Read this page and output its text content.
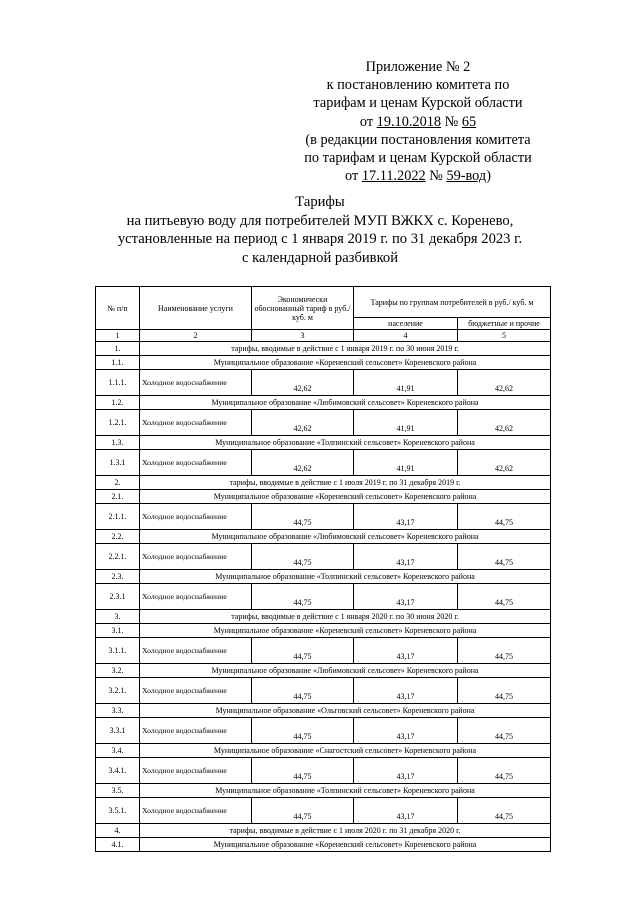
Приложение № 2
к постановлению комитета по
тарифам и ценам Курской области
от 19.10.2018 № 65
(в редакции постановления комитета
по тарифам и ценам Курской области
от 17.11.2022 № 59-вод)
Тарифы
на питьевую воду для потребителей МУП ВЖКХ с. Коренево,
установленные на период с 1 января 2019 г. по 31 декабря 2023 г.
с календарной разбивкой
№ п/п	Наименование услуги	Экономически обоснованный тариф в руб./ куб. м	Тарифы по группам потребителей в руб./ куб. м	
			население	бюджетные и прочие
1	2	3	4	5
1.	тарифы, вводимые в действие с 1 января 2019 г. по 30 июня 2019 г.			
1.1.	Муниципальное образование «Кореневский сельсовет» Кореневского района			
1.1.1.	Холодное водоснабжение	42,62	41,91	42,62
1.2.	Муниципальное образование «Любимовский сельсовет» Кореневского района			
1.2.1.	Холодное водоснабжение	42,62	41,91	42,62
1.3.	Муниципальное образование «Толпинский сельсовет» Кореневского района			
1.3.1	Холодное водоснабжение	42,62	41,91	42,62
2.	тарифы, вводимые в действие с 1 июля 2019 г. по 31 декабря 2019 г.			
2.1.	Муниципальное образование «Кореневский сельсовет» Кореневского района			
2.1.1.	Холодное водоснабжение	44,75	43,17	44,75
2.2.	Муниципальное образование «Любимовский сельсовет» Кореневского района			
2.2.1.	Холодное водоснабжение	44,75	43,17	44,75
2.3.	Муниципальное образование «Толпинский сельсовет» Кореневского района			
2.3.1	Холодное водоснабжение	44,75	43,17	44,75
3.	тарифы, вводимые в действие с 1 января 2020 г. по 30 июня 2020 г.			
3.1.	Муниципальное образование «Кореневский сельсовет» Кореневского района			
3.1.1.	Холодное водоснабжение	44,75	43,17	44,75
3.2.	Муниципальное образование «Любимовский сельсовет» Кореневского района			
3.2.1.	Холодное водоснабжение	44,75	43,17	44,75
3.3.	Муниципальное образование «Ольговский сельсовет» Кореневского района			
3.3.1	Холодное водоснабжение	44,75	43,17	44,75
3.4.	Муниципальное образование «Снагостский сельсовет» Кореневского района			
3.4.1.	Холодное водоснабжение	44,75	43,17	44,75
3.5.	Муниципальное образование «Толпинский сельсовет» Кореневского района			
3.5.1.	Холодное водоснабжение	44,75	43,17	44,75
4.	тарифы, вводимые в действие с 1 июля 2020 г. по 31 декабря 2020 г.			
4.1.	Муниципальное образование «Кореневский сельсовет» Кореневского района			
